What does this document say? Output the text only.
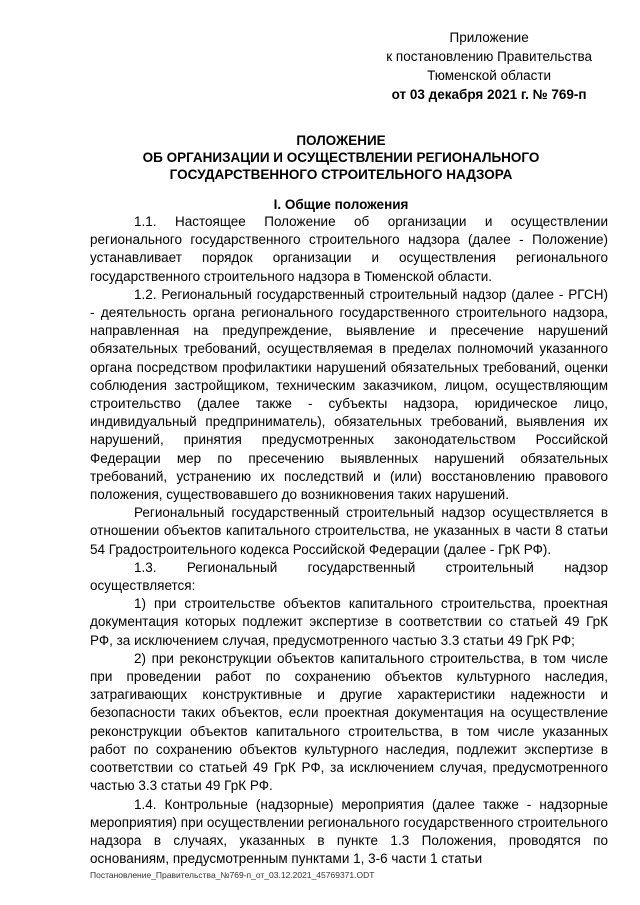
Приложение
к постановлению Правительства
Тюменской области
от 03 декабря 2021 г. № 769-п
ПОЛОЖЕНИЕ
ОБ ОРГАНИЗАЦИИ И ОСУЩЕСТВЛЕНИИ РЕГИОНАЛЬНОГО
ГОСУДАРСТВЕННОГО СТРОИТЕЛЬНОГО НАДЗОРА
I. Общие положения

1.1. Настоящее Положение об организации и осуществлении регионального государственного строительного надзора (далее - Положение) устанавливает порядок организации и осуществления регионального государственного строительного надзора в Тюменской области.

1.2. Региональный государственный строительный надзор (далее - РГСН) - деятельность органа регионального государственного строительного надзора, направленная на предупреждение, выявление и пресечение нарушений обязательных требований, осуществляемая в пределах полномочий указанного органа посредством профилактики нарушений обязательных требований, оценки соблюдения застройщиком, техническим заказчиком, лицом, осуществляющим строительство (далее также - субъекты надзора, юридическое лицо, индивидуальный предприниматель), обязательных требований, выявления их нарушений, принятия предусмотренных законодательством Российской Федерации мер по пресечению выявленных нарушений обязательных требований, устранению их последствий и (или) восстановлению правового положения, существовавшего до возникновения таких нарушений.

Региональный государственный строительный надзор осуществляется в отношении объектов капитального строительства, не указанных в части 8 статьи 54 Градостроительного кодекса Российской Федерации (далее - ГрК РФ).

1.3. Региональный государственный строительный надзор осуществляется:

1) при строительстве объектов капитального строительства, проектная документация которых подлежит экспертизе в соответствии со статьей 49 ГрК РФ, за исключением случая, предусмотренного частью 3.3 статьи 49 ГрК РФ;

2) при реконструкции объектов капитального строительства, в том числе при проведении работ по сохранению объектов культурного наследия, затрагивающих конструктивные и другие характеристики надежности и безопасности таких объектов, если проектная документация на осуществление реконструкции объектов капитального строительства, в том числе указанных работ по сохранению объектов культурного наследия, подлежит экспертизе в соответствии со статьей 49 ГрК РФ, за исключением случая, предусмотренного частью 3.3 статьи 49 ГрК РФ.

1.4. Контрольные (надзорные) мероприятия (далее также - надзорные мероприятия) при осуществлении регионального государственного строительного надзора в случаях, указанных в пункте 1.3 Положения, проводятся по основаниям, предусмотренным пунктами 1, 3-6 части 1 статьи

Постановление_Правительства_№769-п_от_03.12.2021_45769371.ODT
